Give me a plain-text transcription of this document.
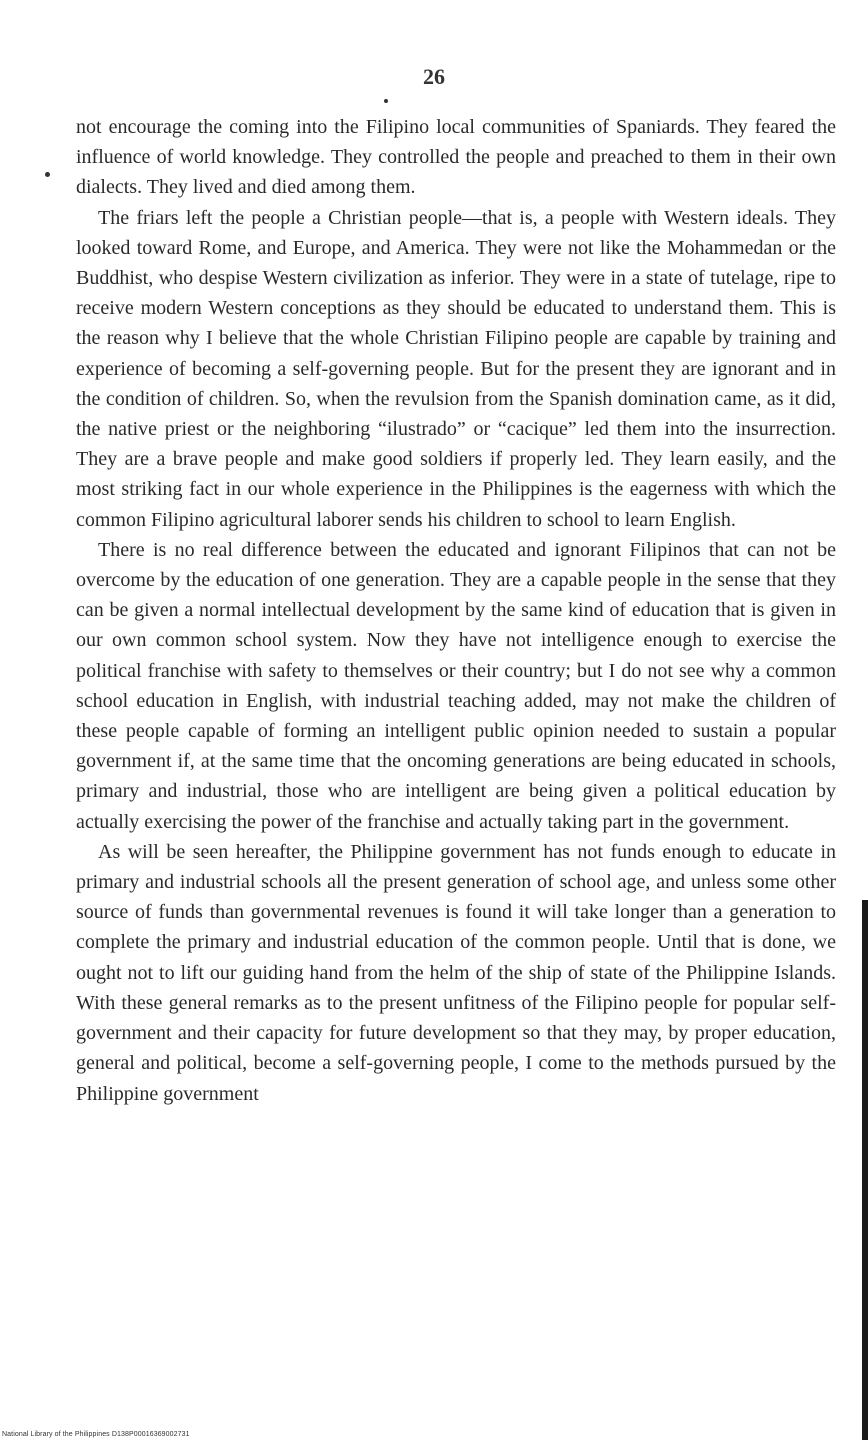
26

not encourage the coming into the Filipino local communities of Spaniards. They feared the influence of world knowledge. They controlled the people and preached to them in their own dialects. They lived and died among them.

The friars left the people a Christian people—that is, a people with Western ideals. They looked toward Rome, and Europe, and America. They were not like the Mohammedan or the Buddhist, who despise Western civilization as inferior. They were in a state of tutelage, ripe to receive modern Western conceptions as they should be educated to understand them. This is the reason why I believe that the whole Christian Filipino people are capable by training and experience of becoming a self-governing people. But for the present they are ignorant and in the condition of children. So, when the revulsion from the Spanish domination came, as it did, the native priest or the neighboring “ilustrado” or “cacique” led them into the insurrection. They are a brave people and make good soldiers if properly led. They learn easily, and the most striking fact in our whole experience in the Philippines is the eagerness with which the common Filipino agricultural laborer sends his children to school to learn English.

There is no real difference between the educated and ignorant Filipinos that can not be overcome by the education of one generation. They are a capable people in the sense that they can be given a normal intellectual development by the same kind of education that is given in our own common school system. Now they have not intelligence enough to exercise the political franchise with safety to themselves or their country; but I do not see why a common school education in English, with industrial teaching added, may not make the children of these people capable of forming an intelligent public opinion needed to sustain a popular government if, at the same time that the oncoming generations are being educated in schools, primary and industrial, those who are intelligent are being given a political education by actually exercising the power of the franchise and actually taking part in the government.

As will be seen hereafter, the Philippine government has not funds enough to educate in primary and industrial schools all the present generation of school age, and unless some other source of funds than governmental revenues is found it will take longer than a generation to complete the primary and industrial education of the common people. Until that is done, we ought not to lift our guiding hand from the helm of the ship of state of the Philippine Islands. With these general remarks as to the present unfitness of the Filipino people for popular self-government and their capacity for future development so that they may, by proper education, general and political, become a self-governing people, I come to the methods pursued by the Philippine government

National Library of the Philippines D138P00016369002731
